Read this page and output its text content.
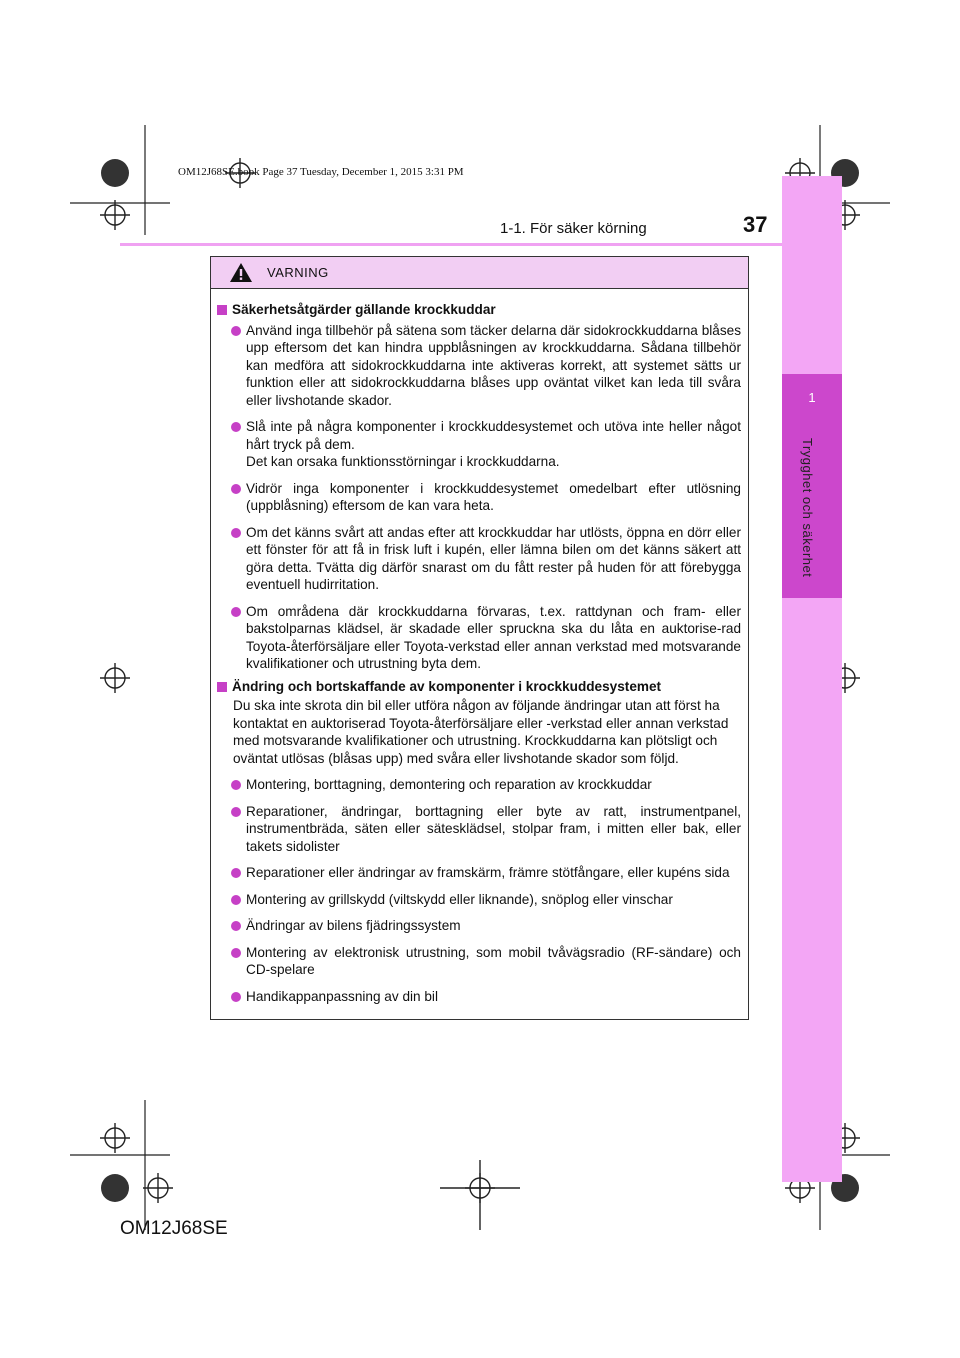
OM12J68SE.book Page 37 Tuesday, December 1, 2015 3:31 PM
1
Trygghet och säkerhet
1-1. För säker körning	37
VARNING

Säkerhetsåtgärder gällande krockkuddar

Använd inga tillbehör på sätena som täcker delarna där sidokrockkuddarna blåses upp eftersom det kan hindra uppblåsningen av krockkuddarna. Sådana tillbehör kan medföra att sidokrockkuddarna inte aktiveras korrekt, att systemet sätts ur funktion eller att sidokrockkuddarna blåses upp oväntat vilket kan leda till svåra eller livshotande skador.

Slå inte på några komponenter i krockkuddesystemet och utöva inte heller något hårt tryck på dem.
Det kan orsaka funktionsstörningar i krockkuddarna.

Vidrör inga komponenter i krockkuddesystemet omedelbart efter utlösning (uppblåsning) eftersom de kan vara heta.

Om det känns svårt att andas efter att krockkuddar har utlösts, öppna en dörr eller ett fönster för att få in frisk luft i kupén, eller lämna bilen om det känns säkert att göra detta. Tvätta dig därför snarast om du fått rester på huden för att förebygga eventuell hudirritation.

Om områdena där krockkuddarna förvaras, t.ex. rattdynan och fram- eller bakstolparnas klädsel, är skadade eller spruckna ska du låta en auktorise-rad Toyota-återförsäljare eller Toyota-verkstad eller annan verkstad med motsvarande kvalifikationer och utrustning byta dem.

Ändring och bortskaffande av komponenter i krockkuddesystemet

Du ska inte skrota din bil eller utföra någon av följande ändringar utan att först ha kontaktat en auktoriserad Toyota-återförsäljare eller -verkstad eller annan verkstad med motsvarande kvalifikationer och utrustning. Krockkuddarna kan plötsligt och oväntat utlösas (blåsas upp) med svåra eller livshotande skador som följd.

Montering, borttagning, demontering och reparation av krockkuddar

Reparationer, ändringar, borttagning eller byte av ratt, instrumentpanel, instrumentbräda, säten eller sätesklädsel, stolpar fram, i mitten eller bak, eller takets sidolister

Reparationer eller ändringar av framskärm, främre stötfångare, eller kupéns sida

Montering av grillskydd (viltskydd eller liknande), snöplog eller vinschar

Ändringar av bilens fjädringssystem

Montering av elektronisk utrustning, som mobil tvåvägsradio (RF-sändare) och CD-spelare

Handikappanpassning av din bil

OM12J68SE
